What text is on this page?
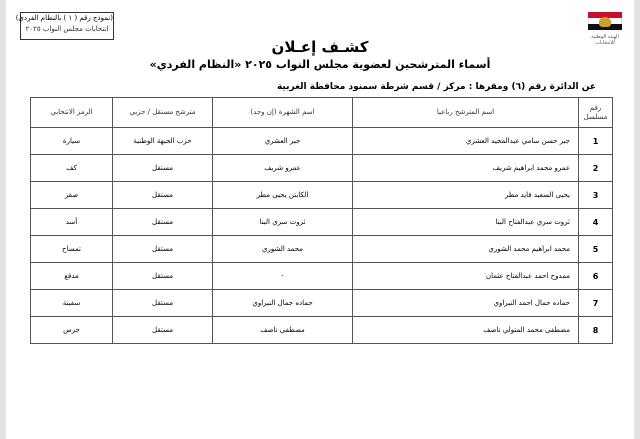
(نموذج رقم ( ١ ) بالنظام الفردي)
انتخابات مجلس النواب ٢٠٢٥
الهيئة الوطنية للانتخابات
كشـف إعـلان
أسماء المترشحين لعضوية مجلس النواب ٢٠٢٥ «النظام الفردي»
عن الدائرة رقم (٦) ومقرها : مركز / قسم شرطة سمنود محافظة الغربية
رقم مسلسل	اسم المترشح رباعيا	اسم الشهرة (إن وجد)	مترشح مستقل / حزبي	الرمز الانتخابي
1	جبر حسن سامي عبدالمجيد العشري	جبر العشري	حزب الجبهة الوطنية	سيارة
2	عمرو محمد ابراهيم شريف	عمرو شريف	مستقل	كف
3	يحيى السعيد فايد مطر	الكابتن يحيى مطر	مستقل	صقر
4	ثروت سري عبدالفتاح البنا	ثروت سري البنا	مستقل	أسد
5	محمد ابراهيم محمد الشوري	محمد الشوري	مستقل	تمساح
6	ممدوح احمد عبدالفتاح عثمان	-	مستقل	مدفع
7	حماده جمال احمد النبراوي	حماده جمال النبراوي	مستقل	سفينة
8	مصطفى محمد المتولي ناصف	مصطفى ناصف	مستقل	جرس
